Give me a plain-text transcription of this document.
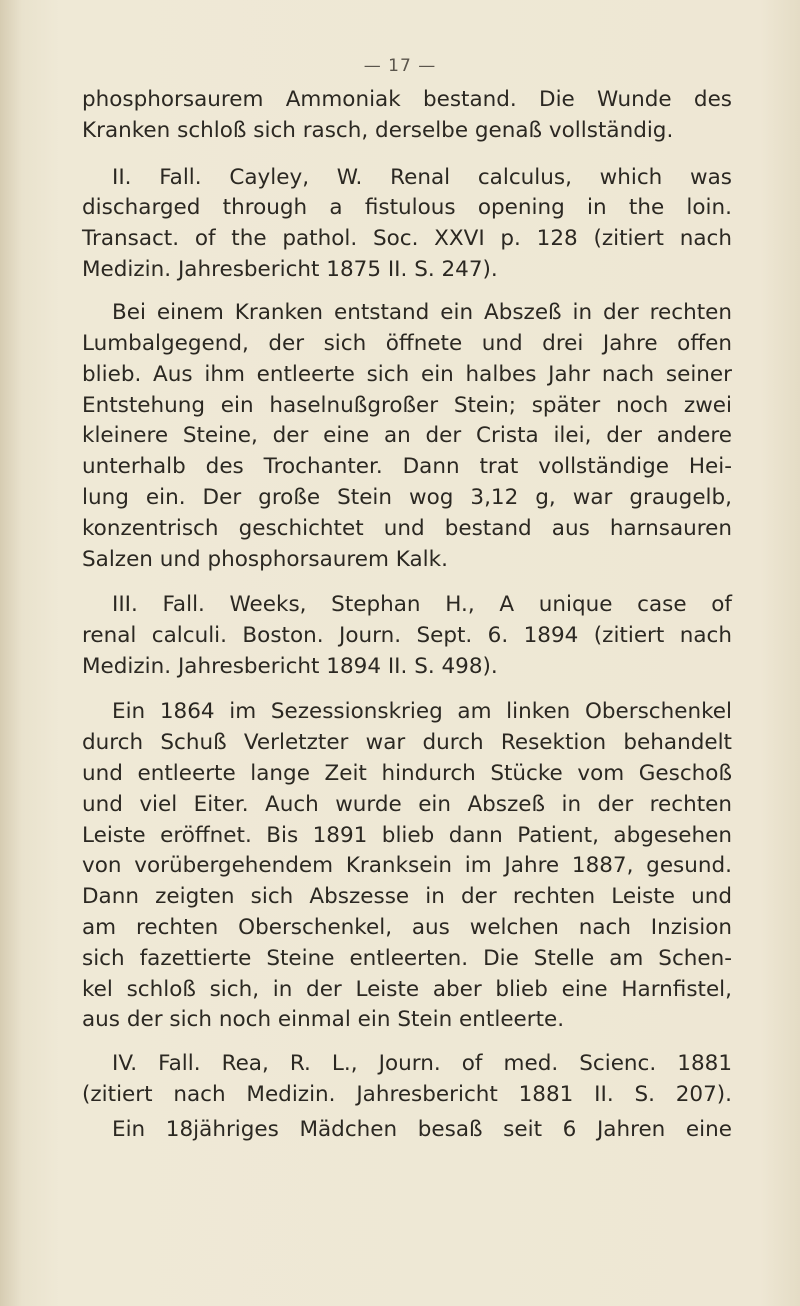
— 17 —
phosphorsaurem Ammoniak bestand. Die Wunde des
Kranken schloß sich rasch, derselbe genaß vollständig.
II. Fall. Cayley, W. Renal calculus, which was
discharged through a fistulous opening in the loin.
Transact. of the pathol. Soc. XXVI p. 128 (zitiert nach
Medizin. Jahresbericht 1875 II. S. 247).
Bei einem Kranken entstand ein Abszeß in der rechten
Lumbalgegend, der sich öffnete und drei Jahre offen
blieb. Aus ihm entleerte sich ein halbes Jahr nach seiner
Entstehung ein haselnußgroßer Stein; später noch zwei
kleinere Steine, der eine an der Crista ilei, der andere
unterhalb des Trochanter. Dann trat vollständige Hei-
lung ein. Der große Stein wog 3,12 g, war graugelb,
konzentrisch geschichtet und bestand aus harnsauren
Salzen und phosphorsaurem Kalk.
III. Fall. Weeks, Stephan H., A unique case of
renal calculi. Boston. Journ. Sept. 6. 1894 (zitiert nach
Medizin. Jahresbericht 1894 II. S. 498).
Ein 1864 im Sezessionskrieg am linken Oberschenkel
durch Schuß Verletzter war durch Resektion behandelt
und entleerte lange Zeit hindurch Stücke vom Geschoß
und viel Eiter. Auch wurde ein Abszeß in der rechten
Leiste eröffnet. Bis 1891 blieb dann Patient, abgesehen
von vorübergehendem Kranksein im Jahre 1887, gesund.
Dann zeigten sich Abszesse in der rechten Leiste und
am rechten Oberschenkel, aus welchen nach Inzision
sich fazettierte Steine entleerten. Die Stelle am Schen-
kel schloß sich, in der Leiste aber blieb eine Harnfistel,
aus der sich noch einmal ein Stein entleerte.
IV. Fall. Rea, R. L., Journ. of med. Scienc. 1881
(zitiert nach Medizin. Jahresbericht 1881 II. S. 207).
Ein 18jähriges Mädchen besaß seit 6 Jahren eine
